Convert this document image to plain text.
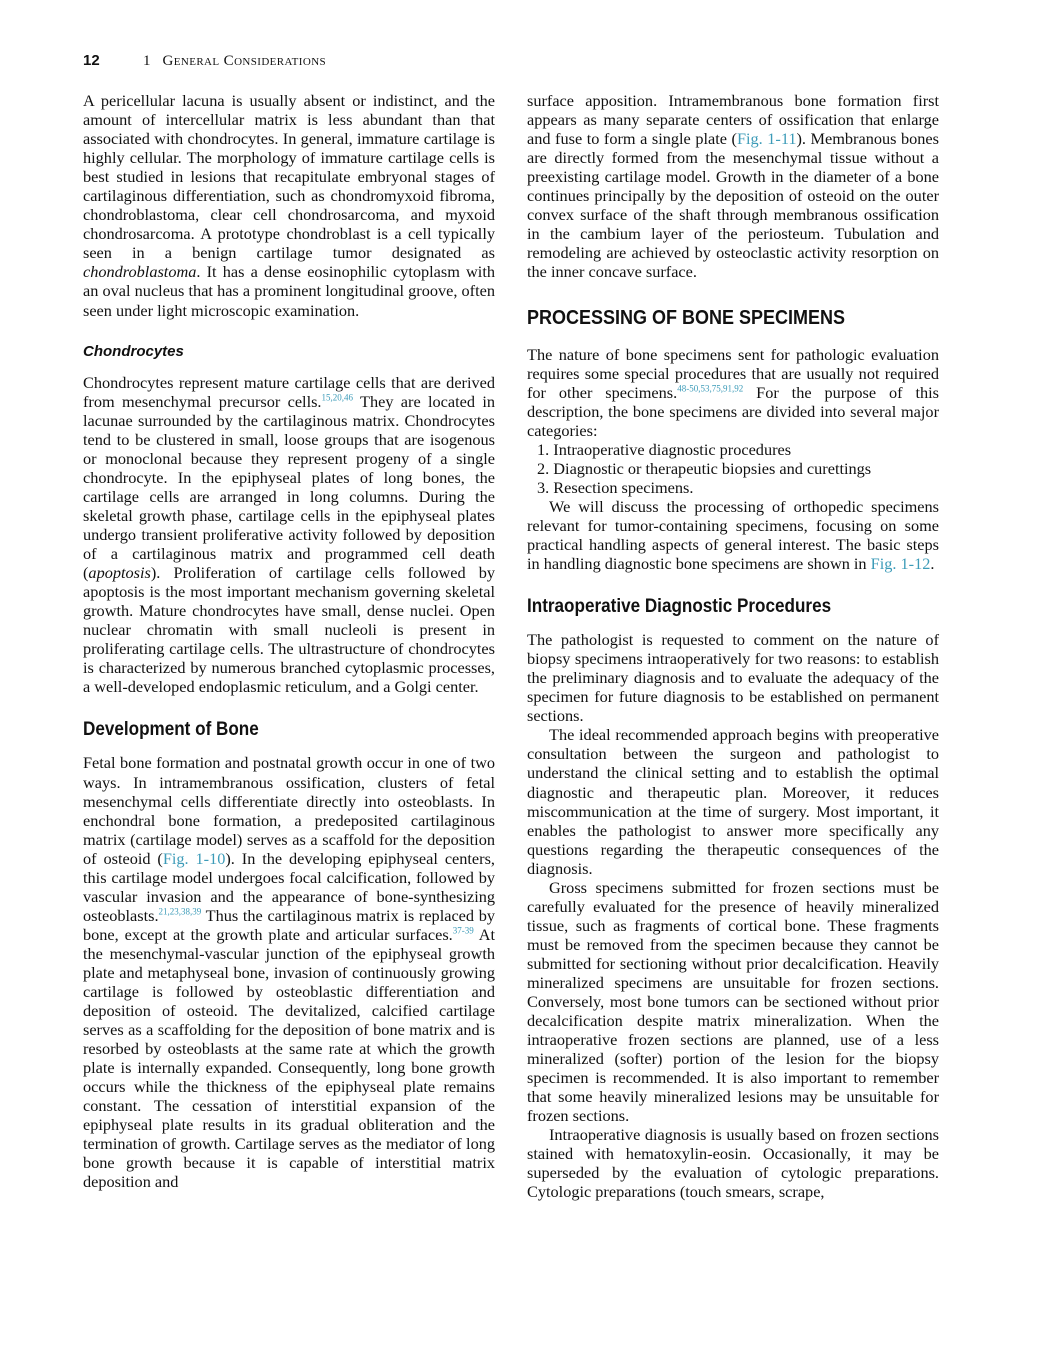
12	1 General Considerations

A pericellular lacuna is usually absent or indistinct, and the amount of intercellular matrix is less abundant than that associated with chondrocytes. In general, immature cartilage is highly cellular. The morphology of immature cartilage cells is best studied in lesions that recapitulate embryonal stages of cartilaginous differentiation, such as chondromyxoid fibroma, chondroblastoma, clear cell chondrosarcoma, and myxoid chondrosarcoma. A prototype chondroblast is a cell typically seen in a benign cartilage tumor designated as chondroblastoma. It has a dense eosinophilic cytoplasm with an oval nucleus that has a prominent longitudinal groove, often seen under light microscopic examination.

Chondrocytes

Chondrocytes represent mature cartilage cells that are derived from mesenchymal precursor cells.$^{15,20,46}$ They are located in lacunae surrounded by the cartilaginous matrix. Chondrocytes tend to be clustered in small, loose groups that are isogenous or monoclonal because they represent progeny of a single chondrocyte. In the epiphyseal plates of long bones, the cartilage cells are arranged in long columns. During the skeletal growth phase, cartilage cells in the epiphyseal plates undergo transient proliferative activity followed by deposition of a cartilaginous matrix and programmed cell death (apoptosis). Proliferation of cartilage cells followed by apoptosis is the most important mechanism governing skeletal growth. Mature chondrocytes have small, dense nuclei. Open nuclear chromatin with small nucleoli is present in proliferating cartilage cells. The ultrastructure of chondrocytes is characterized by numerous branched cytoplasmic processes, a well-developed endoplasmic reticulum, and a Golgi center.

Development of Bone

Fetal bone formation and postnatal growth occur in one of two ways. In intramembranous ossification, clusters of fetal mesenchymal cells differentiate directly into osteoblasts. In enchondral bone formation, a predeposited cartilaginous matrix (cartilage model) serves as a scaffold for the deposition of osteoid (Fig. 1-10). In the developing epiphyseal centers, this cartilage model undergoes focal calcification, followed by vascular invasion and the appearance of bone-synthesizing osteoblasts.$^{21,23,38,39}$ Thus the cartilaginous matrix is replaced by bone, except at the growth plate and articular surfaces.$^{37-39}$ At the mesenchymal-vascular junction of the epiphyseal growth plate and metaphyseal bone, invasion of continuously growing cartilage is followed by osteoblastic differentiation and deposition of osteoid. The devitalized, calcified cartilage serves as a scaffolding for the deposition of bone matrix and is resorbed by osteoblasts at the same rate at which the growth plate is internally expanded. Consequently, long bone growth occurs while the thickness of the epiphyseal plate remains constant. The cessation of interstitial expansion of the epiphyseal plate results in its gradual obliteration and the termination of growth. Cartilage serves as the mediator of long bone growth because it is capable of interstitial matrix deposition and

surface apposition. Intramembranous bone formation first appears as many separate centers of ossification that enlarge and fuse to form a single plate (Fig. 1-11). Membranous bones are directly formed from the mesenchymal tissue without a preexisting cartilage model. Growth in the diameter of a bone continues principally by the deposition of osteoid on the outer convex surface of the shaft through membranous ossification in the cambium layer of the periosteum. Tubulation and remodeling are achieved by osteoclastic activity resorption on the inner concave surface.

PROCESSING OF BONE SPECIMENS

The nature of bone specimens sent for pathologic evaluation requires some special procedures that are usually not required for other specimens.$^{48-50,53,75,91,92}$ For the purpose of this description, the bone specimens are divided into several major categories:

1. Intraoperative diagnostic procedures
2. Diagnostic or therapeutic biopsies and curettings
3. Resection specimens.

We will discuss the processing of orthopedic specimens relevant for tumor-containing specimens, focusing on some practical handling aspects of general interest. The basic steps in handling diagnostic bone specimens are shown in Fig. 1-12.

Intraoperative Diagnostic Procedures

The pathologist is requested to comment on the nature of biopsy specimens intraoperatively for two reasons: to establish the preliminary diagnosis and to evaluate the adequacy of the specimen for future diagnosis to be established on permanent sections.

The ideal recommended approach begins with preoperative consultation between the surgeon and pathologist to understand the clinical setting and to establish the optimal diagnostic and therapeutic plan. Moreover, it reduces miscommunication at the time of surgery. Most important, it enables the pathologist to answer more specifically any questions regarding the therapeutic consequences of the diagnosis.

Gross specimens submitted for frozen sections must be carefully evaluated for the presence of heavily mineralized tissue, such as fragments of cortical bone. These fragments must be removed from the specimen because they cannot be submitted for sectioning without prior decalcification. Heavily mineralized specimens are unsuitable for frozen sections. Conversely, most bone tumors can be sectioned without prior decalcification despite matrix mineralization. When the intraoperative frozen sections are planned, use of a less mineralized (softer) portion of the lesion for the biopsy specimen is recommended. It is also important to remember that some heavily mineralized lesions may be unsuitable for frozen sections.

Intraoperative diagnosis is usually based on frozen sections stained with hematoxylin-eosin. Occasionally, it may be superseded by the evaluation of cytologic preparations. Cytologic preparations (touch smears, scrape,
